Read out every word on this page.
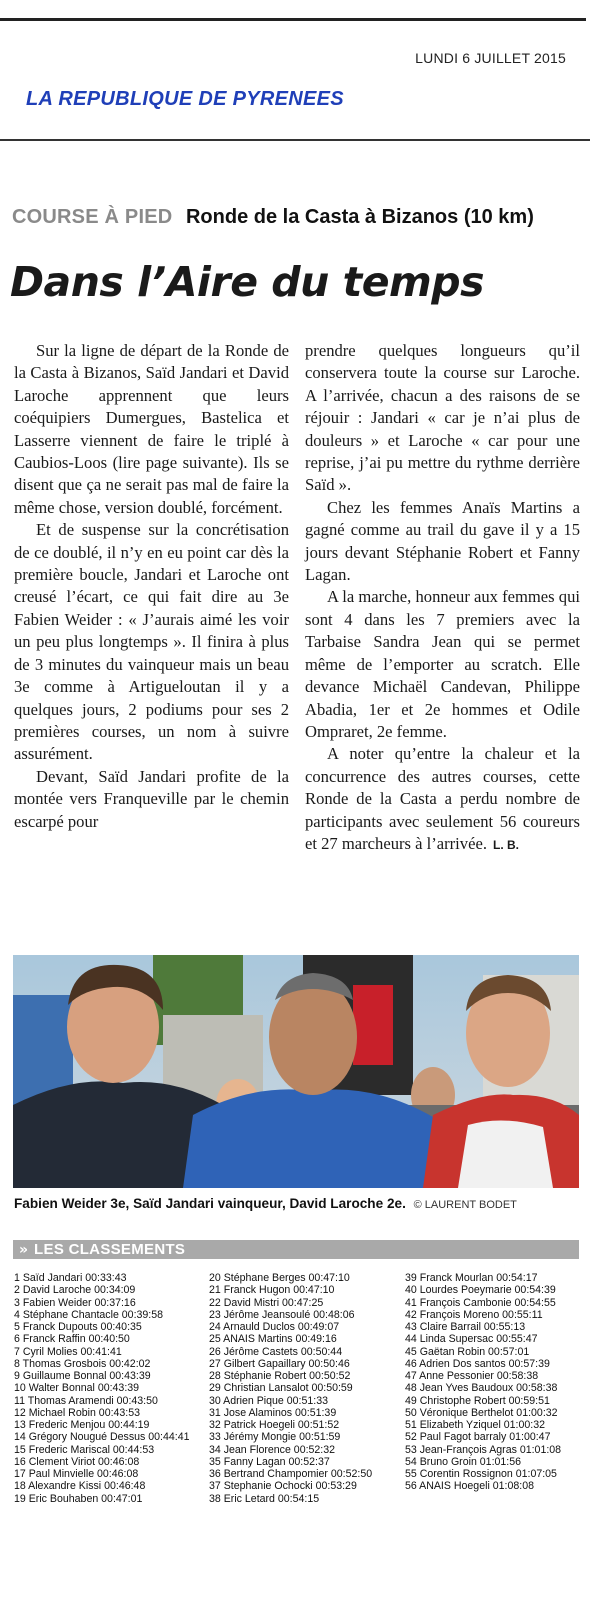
LUNDI 6 JUILLET 2015
LA REPUBLIQUE DE PYRENEES
COURSE À PIED Ronde de la Casta à Bizanos (10 km)
Dans l’Aire du temps

Sur la ligne de départ de la Ronde de la Casta à Bizanos, Saïd Jandari et David Laroche apprennent que leurs coéquipiers Dumergues, Bastelica et Lasserre viennent de faire le triplé à Caubios-Loos (lire page suivante). Ils se disent que ça ne serait pas mal de faire la même chose, version doublé, forcément.

Et de suspense sur la concrétisation de ce doublé, il n’y en eu point car dès la première boucle, Jandari et Laroche ont creusé l’écart, ce qui fait dire au 3e Fabien Weider : « J’aurais aimé les voir un peu plus longtemps ». Il finira à plus de 3 minutes du vainqueur mais un beau 3e comme à Artigueloutan il y a quelques jours, 2 podiums pour ses 2 premières courses, un nom à suivre assurément.

Devant, Saïd Jandari profite de la montée vers Franqueville par le chemin escarpé pour

prendre quelques longueurs qu’il conservera toute la course sur Laroche. A l’arrivée, chacun a des raisons de se réjouir : Jandari « car je n’ai plus de douleurs » et Laroche « car pour une reprise, j’ai pu mettre du rythme derrière Saïd ».

Chez les femmes Anaïs Martins a gagné comme au trail du gave il y a 15 jours devant Stéphanie Robert et Fanny Lagan.

A la marche, honneur aux femmes qui sont 4 dans les 7 premiers avec la Tarbaise Sandra Jean qui se permet même de l’emporter au scratch. Elle devance Michaël Candevan, Philippe Abadia, 1er et 2e hommes et Odile Ompraret, 2e femme.

A noter qu’entre la chaleur et la concurrence des autres courses, cette Ronde de la Casta a perdu nombre de participants avec seulement 56 coureurs et 27 marcheurs à l’arrivée. L. B.

Fabien Weider 3e, Saïd Jandari vainqueur, David Laroche 2e. © LAURENT BODET
» LES CLASSEMENTS
1 Saïd Jandari 00:33:43
2 David Laroche 00:34:09
3 Fabien Weider 00:37:16
4 Stéphane Chantacle 00:39:58
5 Franck Dupouts 00:40:35
6 Franck Raffin 00:40:50
7 Cyril Molies 00:41:41
8 Thomas Grosbois 00:42:02
9 Guillaume Bonnal 00:43:39
10 Walter Bonnal 00:43:39
11 Thomas Aramendi 00:43:50
12 Michael Robin 00:43:53
13 Frederic Menjou 00:44:19
14 Grégory Nougué Dessus 00:44:41
15 Frederic Mariscal 00:44:53
16 Clement Viriot 00:46:08
17 Paul Minvielle 00:46:08
18 Alexandre Kissi 00:46:48
19 Eric Bouhaben 00:47:01
20 Stéphane Berges 00:47:10
21 Franck Hugon 00:47:10
22 David Mistri 00:47:25
23 Jérôme Jeansoulé 00:48:06
24 Arnauld Duclos 00:49:07
25 ANAIS Martins 00:49:16
26 Jérôme Castets 00:50:44
27 Gilbert Gapaillary 00:50:46
28 Stéphanie Robert 00:50:52
29 Christian Lansalot 00:50:59
30 Adrien Pique 00:51:33
31 Jose Alaminos 00:51:39
32 Patrick Hoegeli 00:51:52
33 Jérémy Mongie 00:51:59
34 Jean Florence 00:52:32
35 Fanny Lagan 00:52:37
36 Bertrand Champomier 00:52:50
37 Stephanie Ochocki 00:53:29
38 Eric Letard 00:54:15
39 Franck Mourlan 00:54:17
40 Lourdes Poeymarie 00:54:39
41 François Cambonie 00:54:55
42 François Moreno 00:55:11
43 Claire Barrail 00:55:13
44 Linda Supersac 00:55:47
45 Gaëtan Robin 00:57:01
46 Adrien Dos santos 00:57:39
47 Anne Pessonier 00:58:38
48 Jean Yves Baudoux 00:58:38
49 Christophe Robert 00:59:51
50 Véronique Berthelot 01:00:32
51 Elizabeth Yziquel 01:00:32
52 Paul Fagot barraly 01:00:47
53 Jean-François Agras 01:01:08
54 Bruno Groin 01:01:56
55 Corentin Rossignon 01:07:05
56 ANAIS Hoegeli 01:08:08
